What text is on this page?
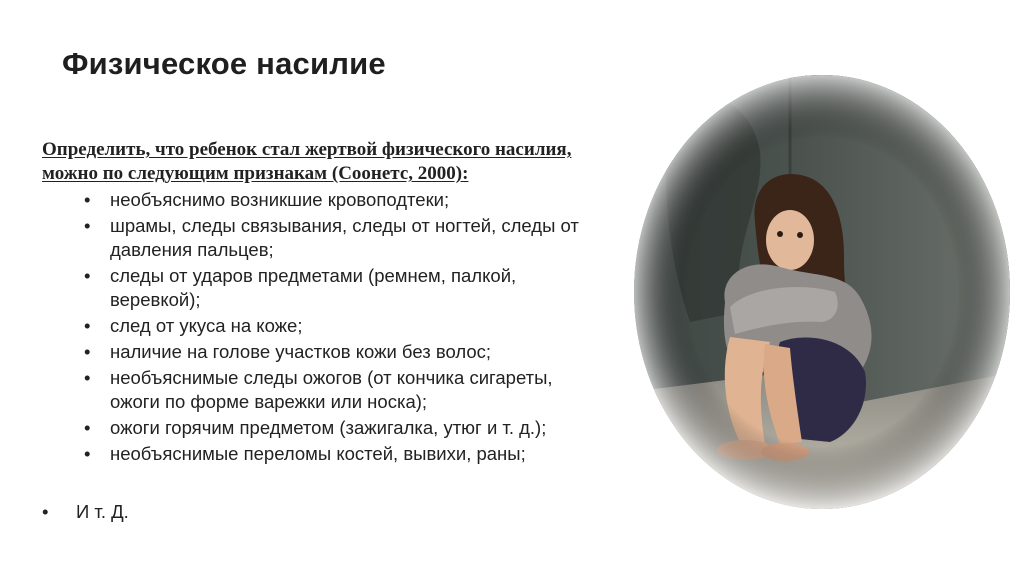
Физическое насилие
Определить, что ребенок стал жертвой физического насилия, можно по следующим признакам (Соонетс, 2000):
• необъяснимо возникшие кровоподтеки;
• шрамы, следы связывания, следы от ногтей, следы от давления пальцев;
• следы от ударов предметами (ремнем, палкой, веревкой);
• след от укуса на коже;
• наличие на голове участков кожи без волос;
• необъяснимые следы ожогов (от кончика сигареты, ожоги по форме варежки или носка);
• ожоги горячим предметом (зажигалка, утюг и т. д.);
• необъяснимые переломы костей, вывихи, раны;
• И т. Д.
